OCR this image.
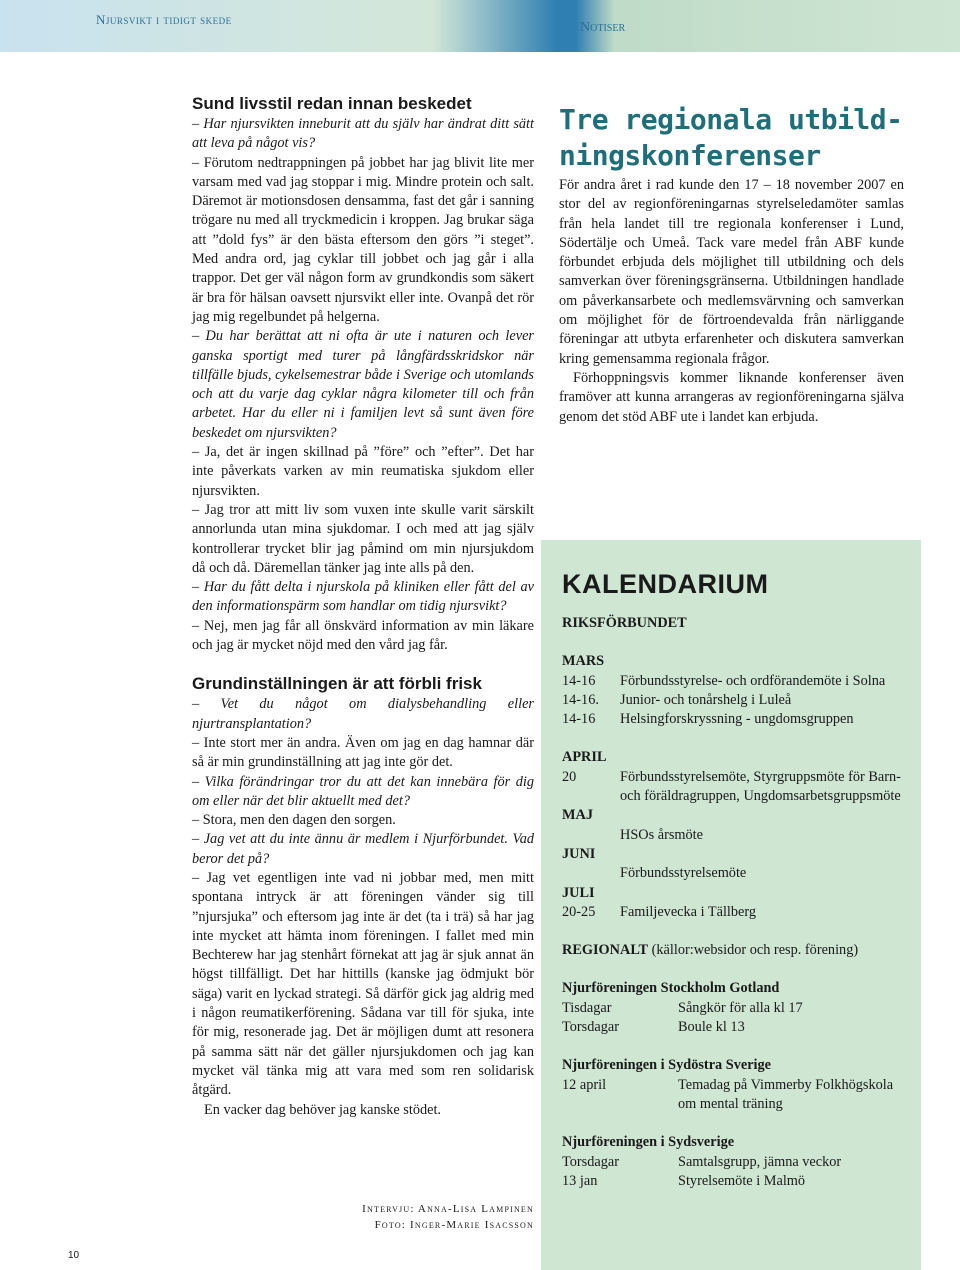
Njursvikt i tidigt skede
Notiser
Sund livsstil redan innan beskedet

– Har njursvikten inneburit att du själv har ändrat ditt sätt att leva på något vis?

– Förutom nedtrappningen på jobbet har jag blivit lite mer varsam med vad jag stoppar i mig. Mindre protein och salt. Däremot är motionsdosen densamma, fast det går i sanning trögare nu med all tryckmedicin i kroppen. Jag brukar säga att ”dold fys” är den bästa eftersom den görs ”i steget”. Med andra ord, jag cyklar till jobbet och jag går i alla trappor. Det ger väl någon form av grundkondis som säkert är bra för hälsan oavsett njursvikt eller inte. Ovanpå det rör jag mig regelbundet på helgerna.

– Du har berättat att ni ofta är ute i naturen och lever ganska sportigt med turer på långfärdsskridskor när tillfälle bjuds, cykelsemestrar både i Sverige och utomlands och att du varje dag cyklar några kilometer till och från arbetet. Har du eller ni i familjen levt så sunt även före beskedet om njursvikten?

– Ja, det är ingen skillnad på ”före” och ”efter”. Det har inte påverkats varken av min reumatiska sjukdom eller njursvikten.

– Jag tror att mitt liv som vuxen inte skulle varit särskilt annorlunda utan mina sjukdomar. I och med att jag själv kontrollerar trycket blir jag påmind om min njursjukdom då och då. Däremellan tänker jag inte alls på den.

– Har du fått delta i njurskola på kliniken eller fått del av den informationspärm som handlar om tidig njursvikt?

– Nej, men jag får all önskvärd information av min läkare och jag är mycket nöjd med den vård jag får.

Grundinställningen är att förbli frisk

– Vet du något om dialysbehandling eller njurtransplantation?

– Inte stort mer än andra. Även om jag en dag hamnar där så är min grundinställning att jag inte gör det.

– Vilka förändringar tror du att det kan innebära för dig om eller när det blir aktuellt med det?

– Stora, men den dagen den sorgen.

– Jag vet att du inte ännu är medlem i Njurförbundet. Vad beror det på?

– Jag vet egentligen inte vad ni jobbar med, men mitt spontana intryck är att föreningen vänder sig till ”njursjuka” och eftersom jag inte är det (ta i trä) så har jag inte mycket att hämta inom föreningen. I fallet med min Bechterew har jag stenhårt förnekat att jag är sjuk annat än högst tillfälligt. Det har hittills (kanske jag ödmjukt bör säga) varit en lyckad strategi. Så därför gick jag aldrig med i någon reumatikerförening. Sådana var till för sjuka, inte för mig, resonerade jag. Det är möjligen dumt att resonera på samma sätt när det gäller njursjukdomen och jag kan mycket väl tänka mig att vara med som ren solidarisk åtgärd.

En vacker dag behöver jag kanske stödet.

Intervju: Anna-Lisa Lampinen
Foto: Inger-Marie Isacsson
10
Tre regionala utbild-
ningskonferenser

För andra året i rad kunde den 17 – 18 november 2007 en stor del av regionföreningarnas styrelseledamöter samlas från hela landet till tre regionala konferenser i Lund, Södertälje och Umeå. Tack vare medel från ABF kunde förbundet erbjuda dels möjlighet till utbildning och dels samverkan över föreningsgränserna. Utbildningen handlade om påverkansarbete och medlemsvärvning och samverkan om möjlighet för de förtroendevalda från närliggande föreningar att utbyta erfarenheter och diskutera samverkan kring gemensamma regionala frågor.

Förhoppningsvis kommer liknande konferenser även framöver att kunna arrangeras av regionföreningarna själva genom det stöd ABF ute i landet kan erbjuda.

KALENDARIUM
RIKSFÖRBUNDET
MARS
14-16	Förbundsstyrelse- och ordförandemöte i Solna
14-16.	Junior- och tonårshelg i Luleå
14-16	Helsingforskryssning - ungdomsgruppen
APRIL
20	Förbundsstyrelsemöte, Styrgruppsmöte för Barn- och föräldragruppen, Ungdomsarbetsgruppsmöte
MAJ
HSOs årsmöte
JUNI
Förbundsstyrelsemöte
JULI
20-25	Familjevecka i Tällberg
REGIONALT (källor:websidor och resp. förening)
Njurföreningen Stockholm Gotland
Tisdagar	Sångkör för alla kl 17
Torsdagar	Boule kl 13
Njurföreningen i Sydöstra Sverige
12 april	Temadag på Vimmerby Folkhögskola om mental träning
Njurföreningen i Sydsverige
Torsdagar	Samtalsgrupp, jämna veckor
13 jan	Styrelsemöte i Malmö
